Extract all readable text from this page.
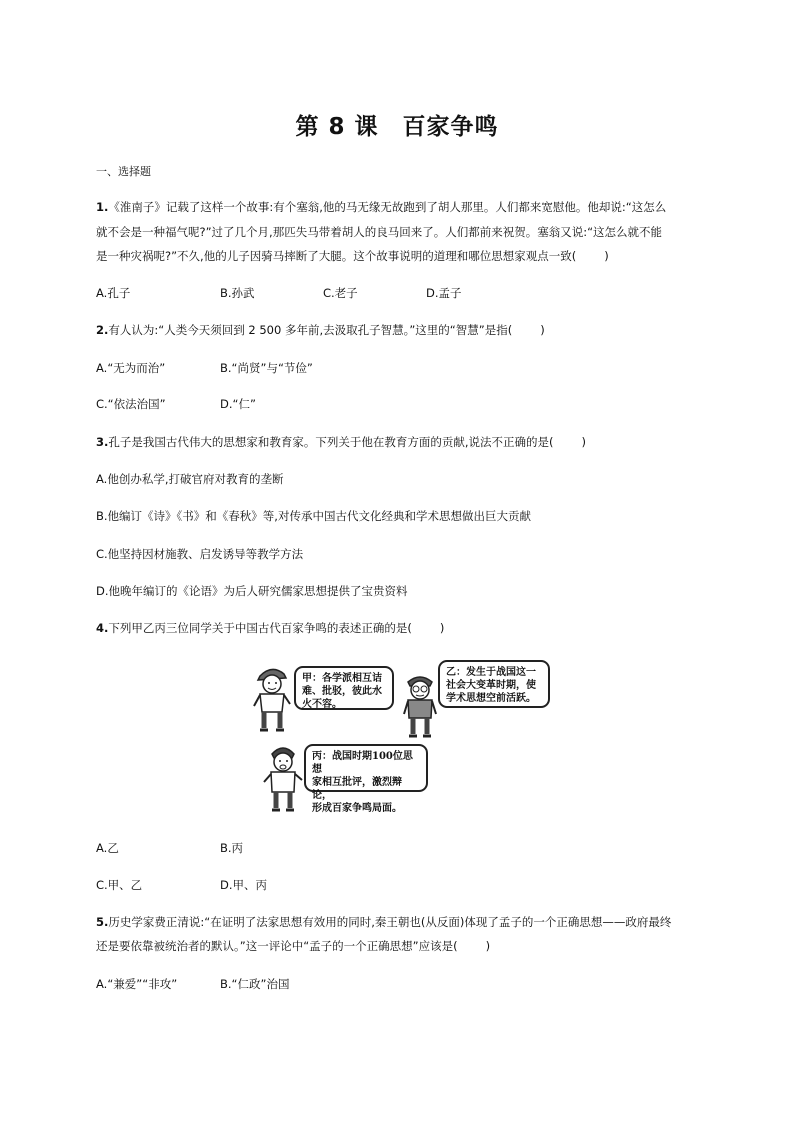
第 8 课　百家争鸣
一、选择题
1.《淮南子》记载了这样一个故事:有个塞翁,他的马无缘无故跑到了胡人那里。人们都来宽慰他。他却说:“这怎么
就不会是一种福气呢?”过了几个月,那匹失马带着胡人的良马回来了。人们都前来祝贺。塞翁又说:“这怎么就不能
是一种灾祸呢?”不久,他的儿子因骑马摔断了大腿。这个故事说明的道理和哪位思想家观点一致( )
A.孔子	B.孙武	C.老子	D.孟子
2.有人认为:“人类今天须回到 2 500 多年前,去汲取孔子智慧。”这里的“智慧”是指( )
A.“无为而治”	B.“尚贤”与“节俭”
C.“依法治国”	D.“仁”
3.孔子是我国古代伟大的思想家和教育家。下列关于他在教育方面的贡献,说法不正确的是( )
A.他创办私学,打破官府对教育的垄断
B.他编订《诗》《书》和《春秋》等,对传承中国古代文化经典和学术思想做出巨大贡献
C.他坚持因材施教、启发诱导等教学方法
D.他晚年编订的《论语》为后人研究儒家思想提供了宝贵资料
4.下列甲乙丙三位同学关于中国古代百家争鸣的表述正确的是( )
甲：各学派相互诘
难、批驳，彼此水
火不容。
乙：发生于战国这一
社会大变革时期，使
学术思想空前活跃。
丙：战国时期100位思想
家相互批评，激烈辩论，
形成百家争鸣局面。
A.乙	B.丙
C.甲、乙	D.甲、丙
5.历史学家费正清说:“在证明了法家思想有效用的同时,秦王朝也(从反面)体现了孟子的一个正确思想——政府最终
还是要依靠被统治者的默认。”这一评论中“孟子的一个正确思想”应该是( )
A.“兼爱”“非攻”	B.“仁政”治国
